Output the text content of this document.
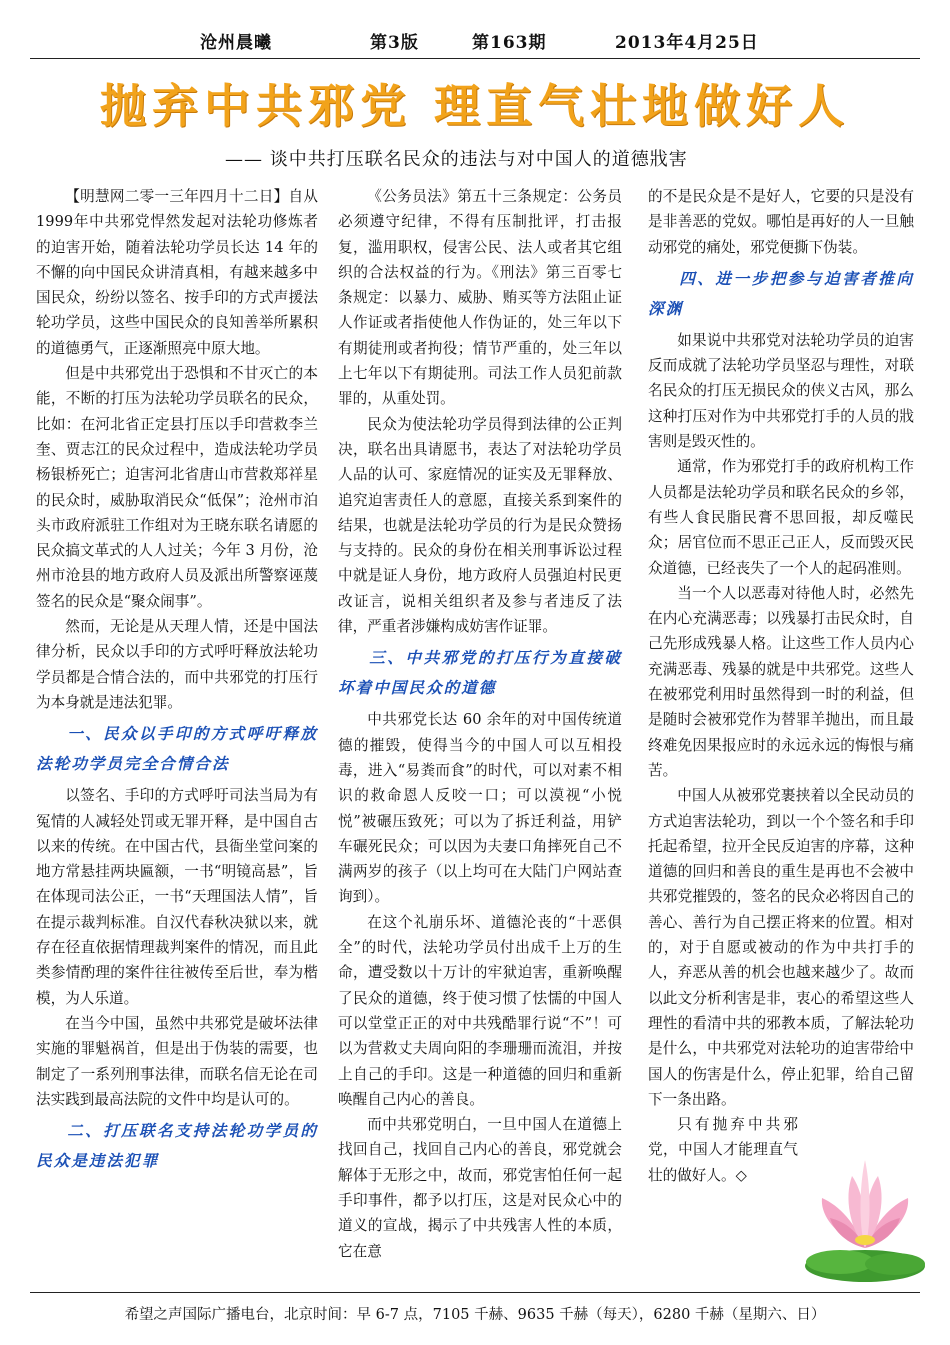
沧州晨曦	第3版	第163期	2013年4月25日
抛弃中共邪党 理直气壮地做好人
—— 谈中共打压联名民众的违法与对中国人的道德戕害

【明慧网二零一三年四月十二日】自从1999年中共邪党悍然发起对法轮功修炼者的迫害开始，随着法轮功学员长达 14 年的不懈的向中国民众讲清真相，有越来越多中国民众，纷纷以签名、按手印的方式声援法轮功学员，这些中国民众的良知善举所累积的道德勇气，正逐渐照亮中原大地。

但是中共邪党出于恐惧和不甘灭亡的本能，不断的打压为法轮功学员联名的民众，比如：在河北省正定县打压以手印营救李兰奎、贾志江的民众过程中，造成法轮功学员杨银桥死亡；迫害河北省唐山市营救郑祥星的民众时，威胁取消民众“低保”；沧州市泊头市政府派驻工作组对为王晓东联名请愿的民众搞文革式的人人过关；今年 3 月份，沧州市沧县的地方政府人员及派出所警察诬蔑签名的民众是“聚众闹事”。

然而，无论是从天理人情，还是中国法律分析，民众以手印的方式呼吁释放法轮功学员都是合情合法的，而中共邪党的打压行为本身就是违法犯罪。

一、民众以手印的方式呼吁释放法轮功学员完全合情合法

以签名、手印的方式呼吁司法当局为有冤情的人减轻处罚或无罪开释，是中国自古以来的传统。在中国古代，县衙坐堂问案的地方常悬挂两块匾额，一书“明镜高悬”，旨在体现司法公正，一书“天理国法人情”，旨在提示裁判标准。自汉代春秋决狱以来，就存在径直依据情理裁判案件的情况，而且此类参情酌理的案件往往被传至后世，奉为楷模，为人乐道。

在当今中国，虽然中共邪党是破坏法律实施的罪魁祸首，但是出于伪装的需要，也制定了一系列刑事法律，而联名信无论在司法实践到最高法院的文件中均是认可的。

二、打压联名支持法轮功学员的民众是违法犯罪

《公务员法》第五十三条规定：公务员必须遵守纪律，不得有压制批评，打击报复，滥用职权，侵害公民、法人或者其它组织的合法权益的行为。《刑法》第三百零七条规定：以暴力、威胁、贿买等方法阻止证人作证或者指使他人作伪证的，处三年以下有期徒刑或者拘役；情节严重的，处三年以上七年以下有期徒刑。司法工作人员犯前款罪的，从重处罚。

民众为使法轮功学员得到法律的公正判决，联名出具请愿书，表达了对法轮功学员人品的认可、家庭情况的证实及无罪释放、追究迫害责任人的意愿，直接关系到案件的结果，也就是法轮功学员的行为是民众赞扬与支持的。民众的身份在相关刑事诉讼过程中就是证人身份，地方政府人员强迫村民更改证言，说相关组织者及参与者违反了法律，严重者涉嫌构成妨害作证罪。

三、中共邪党的打压行为直接破坏着中国民众的道德

中共邪党长达 60 余年的对中国传统道德的摧毁，使得当今的中国人可以互相投毒，进入“易粪而食”的时代，可以对素不相识的救命恩人反咬一口；可以漠视“小悦悦”被碾压致死；可以为了拆迁利益，用铲车碾死民众；可以因为夫妻口角摔死自己不满两岁的孩子（以上均可在大陆门户网站查询到）。

在这个礼崩乐坏、道德沦丧的“十恶俱全”的时代，法轮功学员付出成千上万的生命，遭受数以十万计的牢狱迫害，重新唤醒了民众的道德，终于使习惯了怯懦的中国人可以堂堂正正的对中共残酷罪行说“不”！可以为营救丈夫周向阳的李珊珊而流泪，并按上自己的手印。这是一种道德的回归和重新唤醒自己内心的善良。

而中共邪党明白，一旦中国人在道德上找回自己，找回自己内心的善良，邪党就会解体于无形之中，故而，邪党害怕任何一起手印事件，都予以打压，这是对民众心中的道义的宣战，揭示了中共残害人性的本质，它在意

的不是民众是不是好人，它要的只是没有是非善恶的党奴。哪怕是再好的人一旦触动邪党的痛处，邪党便撕下伪装。

四、进一步把参与迫害者推向深渊

如果说中共邪党对法轮功学员的迫害反而成就了法轮功学员坚忍与理性，对联名民众的打压无损民众的侠义古风，那么这种打压对作为中共邪党打手的人员的戕害则是毁灭性的。

通常，作为邪党打手的政府机构工作人员都是法轮功学员和联名民众的乡邻，有些人食民脂民膏不思回报，却反噬民众；居官位而不思正己正人，反而毁灭民众道德，已经丧失了一个人的起码准则。

当一个人以恶毒对待他人时，必然先在内心充满恶毒；以残暴打击民众时，自己先形成残暴人格。让这些工作人员内心充满恶毒、残暴的就是中共邪党。这些人在被邪党利用时虽然得到一时的利益，但是随时会被邪党作为替罪羊抛出，而且最终难免因果报应时的永远永远的悔恨与痛苦。

中国人从被邪党裹挟着以全民动员的方式迫害法轮功，到以一个个签名和手印托起希望，拉开全民反迫害的序幕，这种道德的回归和善良的重生是再也不会被中共邪党摧毁的，签名的民众必将因自己的善心、善行为自己摆正将来的位置。相对的，对于自愿或被动的作为中共打手的人，弃恶从善的机会也越来越少了。故而以此文分析利害是非，衷心的希望这些人理性的看清中共的邪教本质，了解法轮功是什么，中共邪党对法轮功的迫害带给中国人的伤害是什么，停止犯罪，给自己留下一条出路。

只有抛弃中共邪党，中国人才能理直气壮的做好人。◇

希望之声国际广播电台，北京时间：早 6-7 点，7105 千赫、9635 千赫（每天），6280 千赫（星期六、日）
